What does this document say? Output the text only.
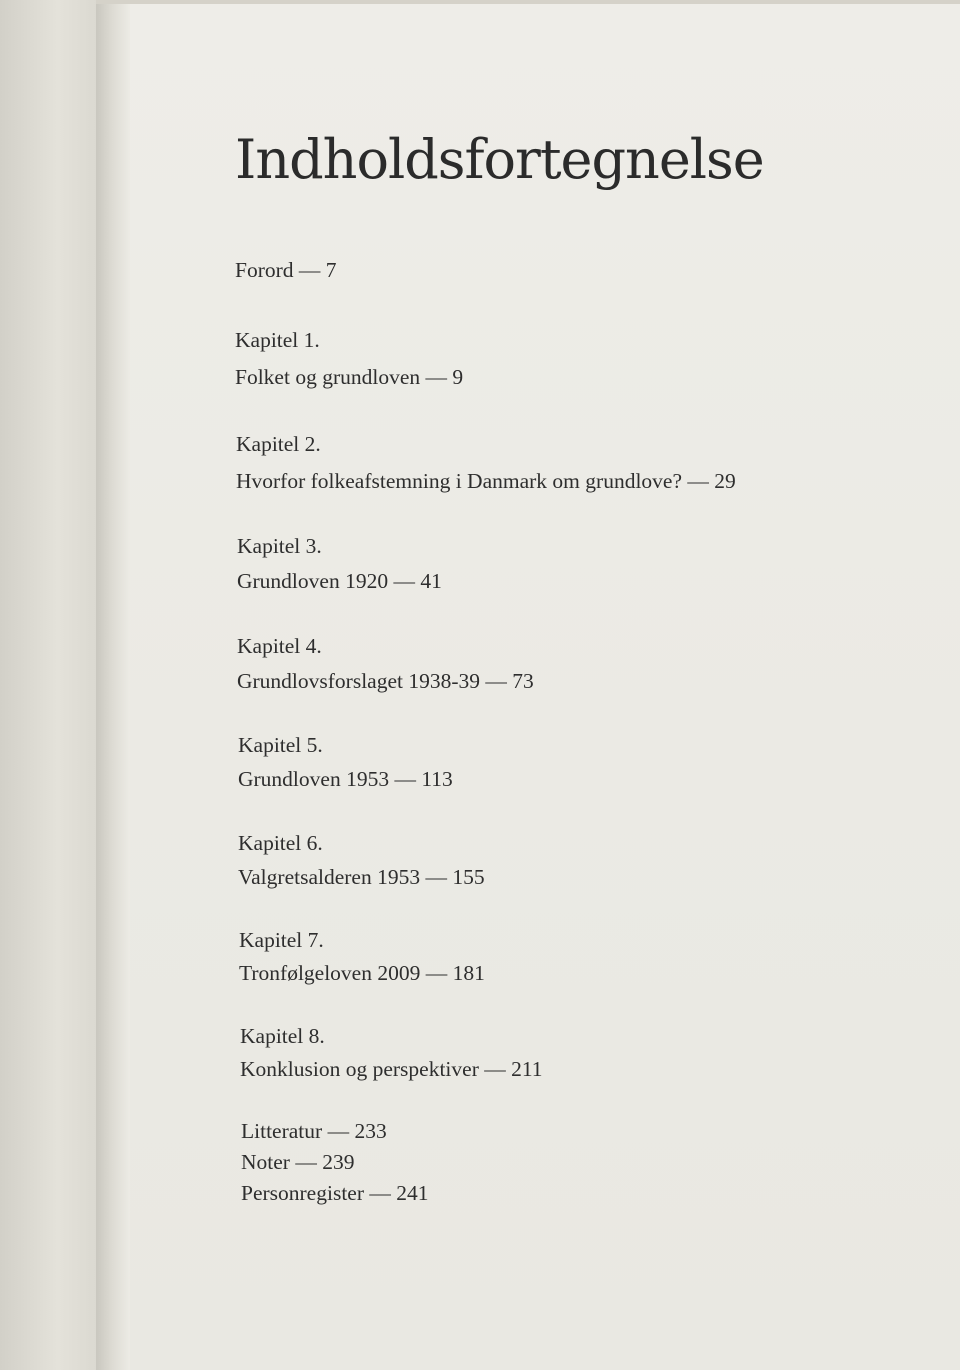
Indholdsfortegnelse
Forord — 7
Kapitel 1.
Folket og grundloven — 9
Kapitel 2.
Hvorfor folkeafstemning i Danmark om grundlove? — 29
Kapitel 3.
Grundloven 1920 — 41
Kapitel 4.
Grundlovsforslaget 1938-39 — 73
Kapitel 5.
Grundloven 1953 — 113
Kapitel 6.
Valgretsalderen 1953 — 155
Kapitel 7.
Tronfølgeloven 2009 — 181
Kapitel 8.
Konklusion og perspektiver — 211
Litteratur — 233
Noter — 239
Personregister — 241
